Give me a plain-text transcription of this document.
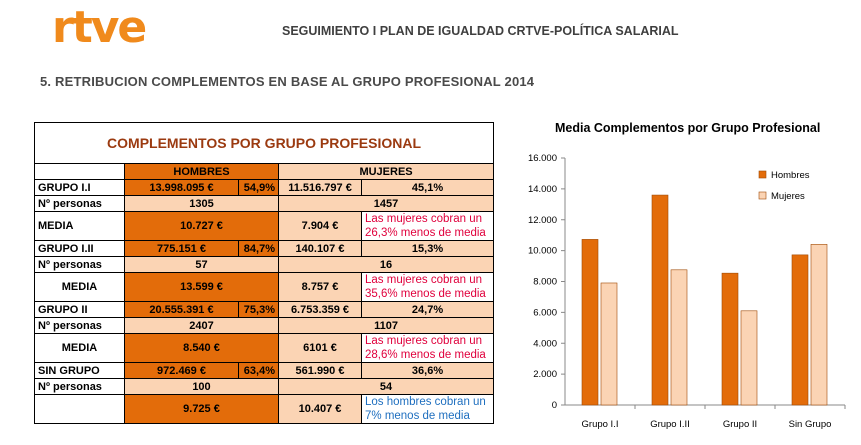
rtve	SEGUIMIENTO I PLAN DE IGUALDAD CRTVE-POLÍTICA SALARIAL
5. RETRIBUCION COMPLEMENTOS EN BASE AL GRUPO PROFESIONAL 2014
COMPLEMENTOS POR GRUPO PROFESIONAL				
	HOMBRES		MUJERES	
GRUPO I.I	13.998.095 €	54,9%	11.516.797 €	45,1%
Nº personas	1305		1457	
MEDIA	10.727 €		7.904 €	Las mujeres cobran un 26,3% menos de media
GRUPO I.II	775.151 €	84,7%	140.107 €	15,3%
Nº personas	57		16	
MEDIA	13.599 €		8.757 €	Las mujeres cobran un 35,6% menos de media
GRUPO II	20.555.391 €	75,3%	6.753.359 €	24,7%
Nº personas	2407		1107	
MEDIA	8.540 €		6101 €	Las mujeres cobran un 28,6% menos de media
SIN GRUPO	972.469 €	63,4%	561.990 €	36,6%
Nº personas	100		54	
	9.725 €		10.407 €	Los hombres cobran un 7% menos de media
Media Complementos por Grupo Profesional
0
2.000
4.000
6.000
8.000
10.000
12.000
14.000
16.000
Grupo I.I	Grupo I.II	Grupo II	Sin Grupo
Hombres
Mujeres
